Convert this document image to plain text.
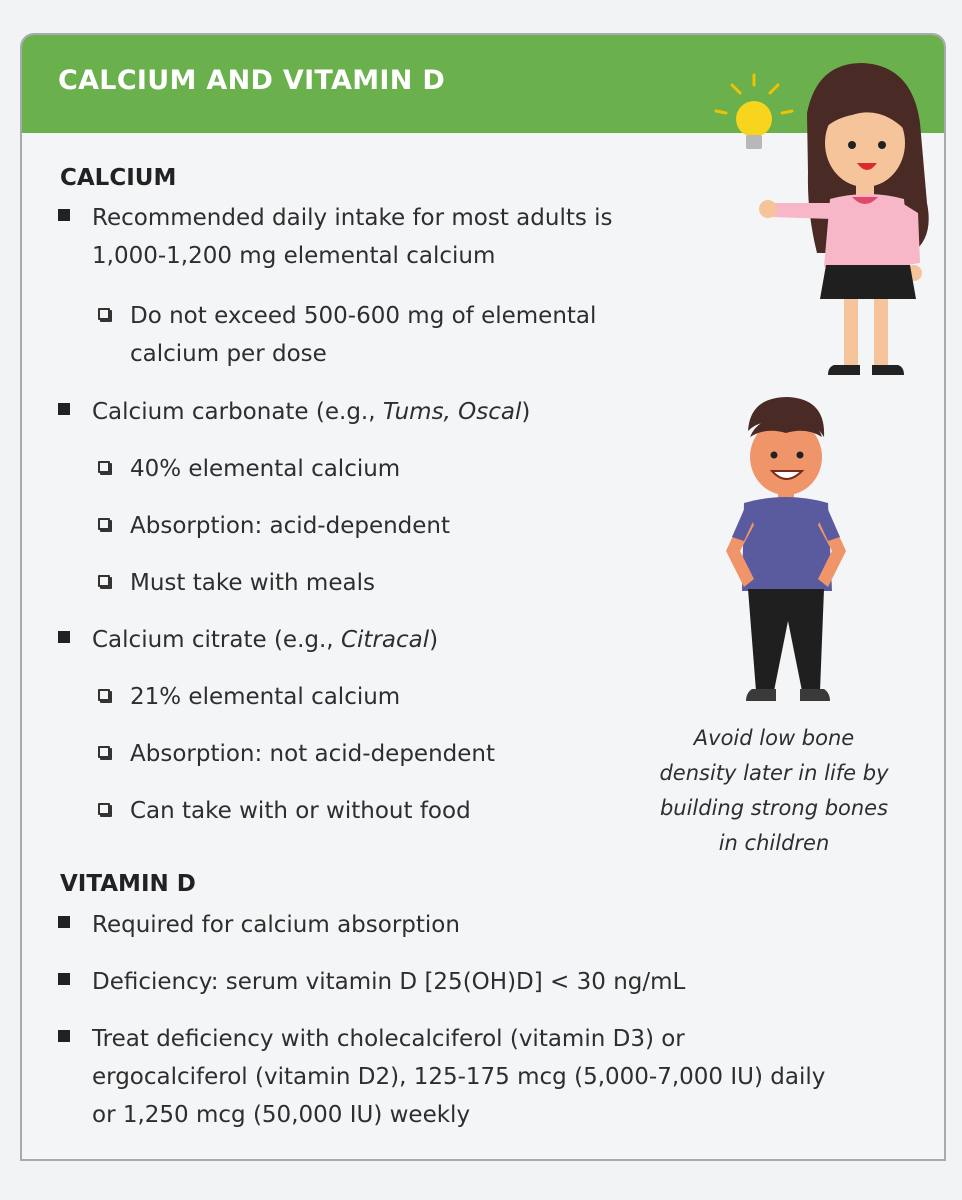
CALCIUM AND VITAMIN D
CALCIUM
Recommended daily intake for most adults is
1,000-1,200 mg elemental calcium
Do not exceed 500-600 mg of elemental
calcium per dose
Calcium carbonate (e.g., Tums, Oscal)
40% elemental calcium
Absorption: acid-dependent
Must take with meals
Calcium citrate (e.g., Citracal)
21% elemental calcium
Absorption: not acid-dependent
Can take with or without food
Avoid low bone
density later in life by
building strong bones
in children
VITAMIN D
Required for calcium absorption
Deficiency: serum vitamin D [25(OH)D] < 30 ng/mL
Treat deficiency with cholecalciferol (vitamin D3) or
ergocalciferol (vitamin D2), 125-175 mcg (5,000-7,000 IU) daily
or 1,250 mcg (50,000 IU) weekly
